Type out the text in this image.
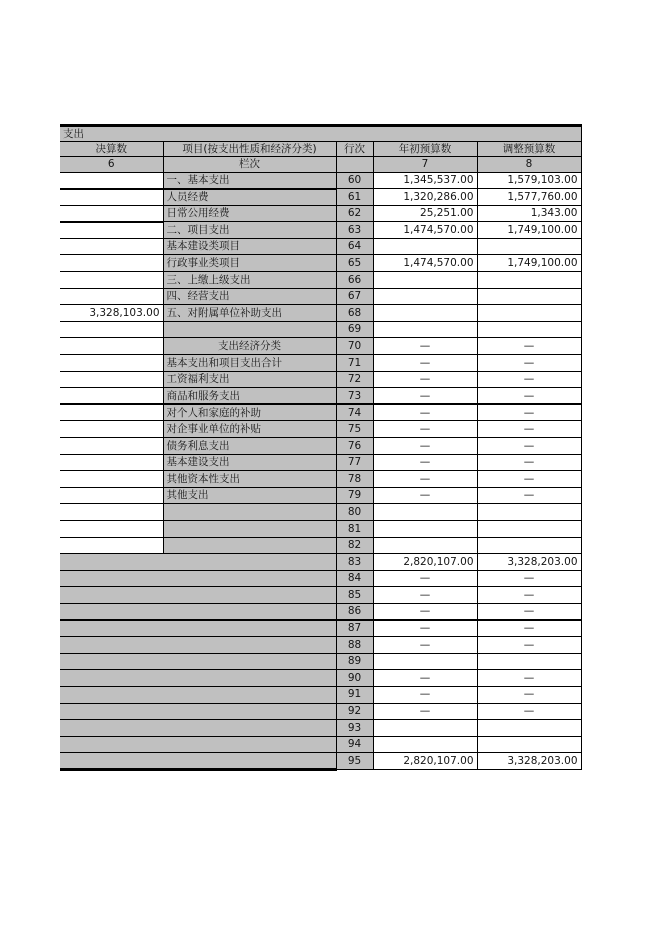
支出				
决算数	项目(按支出性质和经济分类)	行次	年初预算数	调整预算数
6	栏次		7	8
	一、基本支出	60	1,345,537.00	1,579,103.00
	人员经费	61	1,320,286.00	1,577,760.00
	日常公用经费	62	25,251.00	1,343.00
	二、项目支出	63	1,474,570.00	1,749,100.00
	基本建设类项目	64		
	行政事业类项目	65	1,474,570.00	1,749,100.00
	三、上缴上级支出	66		
	四、经营支出	67		
3,328,103.00	五、对附属单位补助支出	68		
		69		
	支出经济分类	70	—	—
	基本支出和项目支出合计	71	—	—
	工资福利支出	72	—	—
	商品和服务支出	73	—	—
	对个人和家庭的补助	74	—	—
	对企事业单位的补贴	75	—	—
	债务利息支出	76	—	—
	基本建设支出	77	—	—
	其他资本性支出	78	—	—
	其他支出	79	—	—
		80		
		81		
		82		
		83	2,820,107.00	3,328,203.00
		84	—	—
		85	—	—
		86	—	—
		87	—	—
		88	—	—
		89		
		90	—	—
		91	—	—
		92	—	—
		93		
		94		
		95	2,820,107.00	3,328,203.00
